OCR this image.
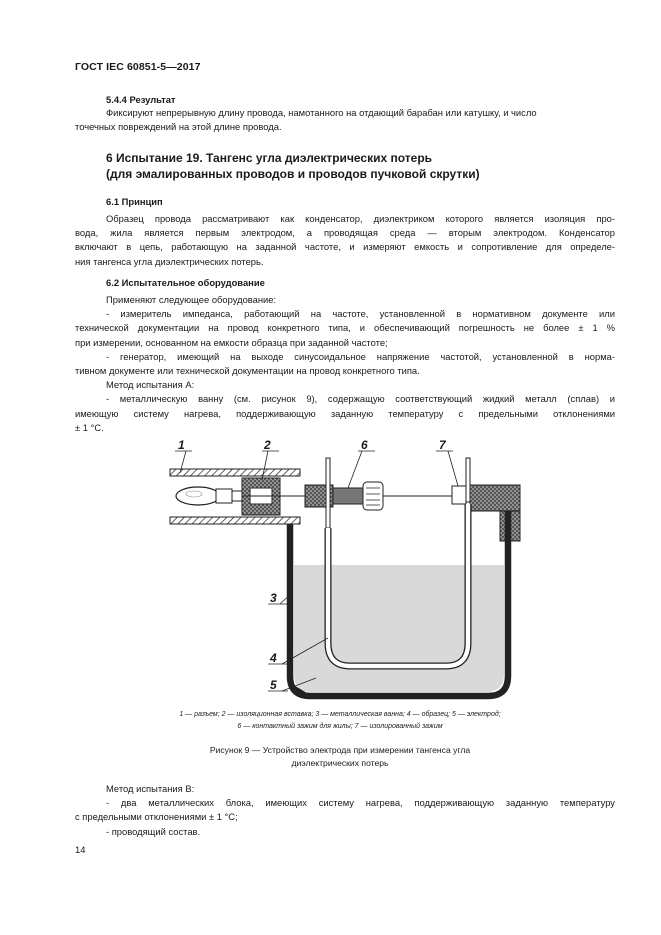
ГОСТ IEC 60851-5—2017
5.4.4 Результат
Фиксируют непрерывную длину провода, намотанного на отдающий барабан или катушку, и число
точечных повреждений на этой длине провода.
6 Испытание 19. Тангенс угла диэлектрических потерь
(для эмалированных проводов и проводов пучковой скрутки)
6.1 Принцип
Образец провода рассматривают как конденсатор, диэлектриком которого является изоляция про-
вода, жила является первым электродом, а проводящая среда — вторым электродом. Конденсатор
включают в цепь, работающую на заданной частоте, и измеряют емкость и сопротивление для определе-
ния тангенса угла диэлектрических потерь.
6.2 Испытательное оборудование
Применяют следующее оборудование:
- измеритель импеданса, работающий на частоте, установленной в нормативном документе или
технической документации на провод конкретного типа, и обеспечивающий погрешность не более ± 1 %
при измерении, основанном на емкости образца при заданной частоте;
- генератор, имеющий на выходе синусоидальное напряжение частотой, установленной в норма-
тивном документе или технической документации на провод конкретного типа.
Метод испытания A:
- металлическую ванну (см. рисунок 9), содержащую соответствующий жидкий металл (сплав) и
имеющую систему нагрева, поддерживающую заданную температуру с предельными отклонениями
± 1 °C.
1	2	6	7
3
4
5
1 — разъем; 2 — изоляционная вставка; 3 — металлическая ванна; 4 — образец; 5 — электрод;
6 — контактный зажим для жилы; 7 — изолированный зажим
Рисунок 9 — Устройство электрода при измерении тангенса угла
диэлектрических потерь
Метод испытания B:
- два металлических блока, имеющих систему нагрева, поддерживающую заданную температуру
с предельными отклонениями ± 1 °C;
- проводящий состав.
14
